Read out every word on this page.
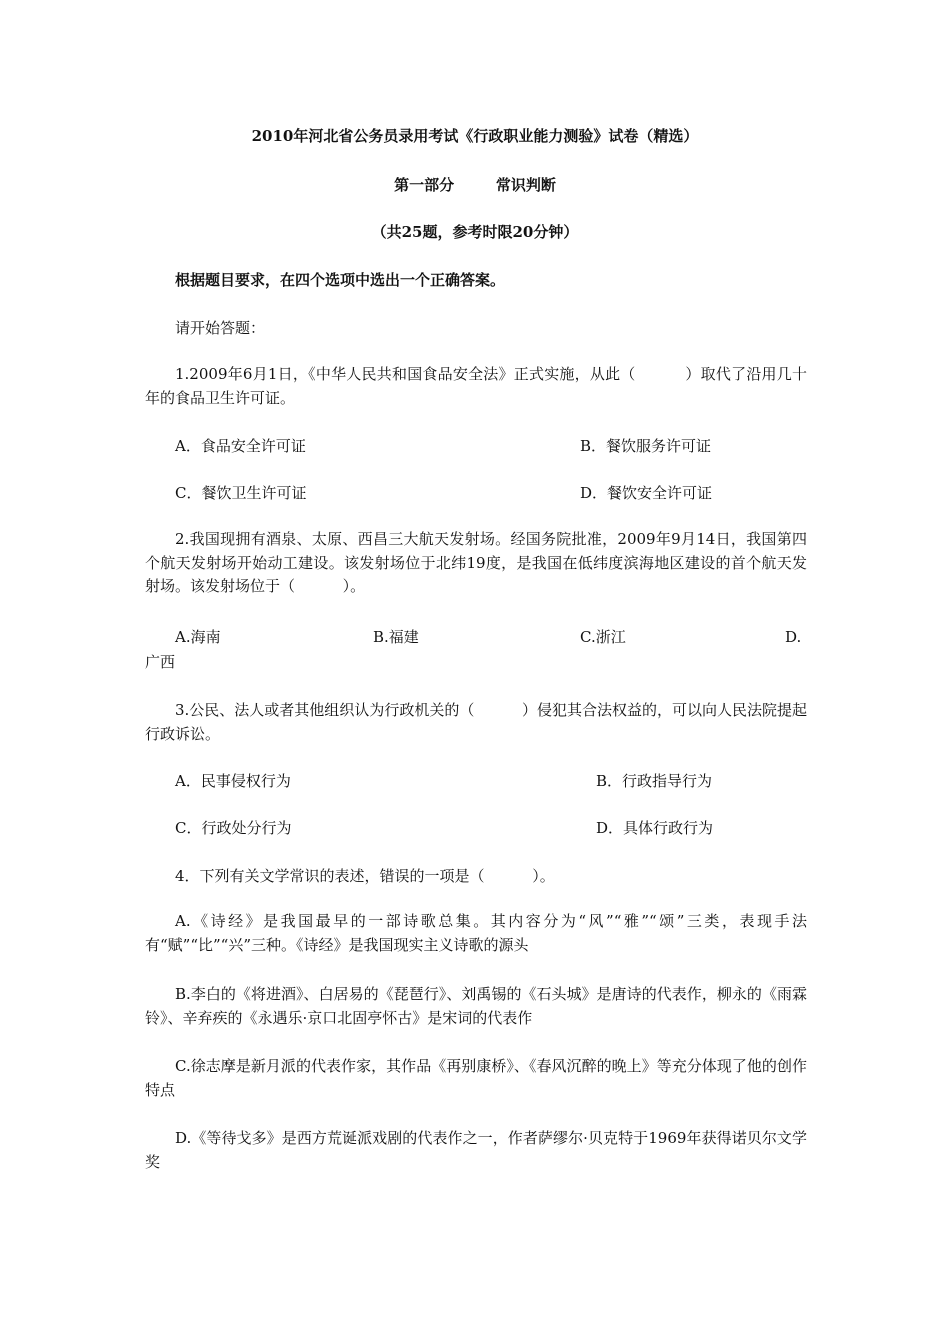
2010年河北省公务员录用考试《行政职业能力测验》试卷（精选）
第一部分        常识判断
（共25题，参考时限20分钟）
根据题目要求，在四个选项中选出一个正确答案。
请开始答题：
1.2009年6月1日，《中华人民共和国食品安全法》正式实施，从此（          ）取代了沿用几十年的食品卫生许可证。
A．食品安全许可证	B．餐饮服务许可证
C．餐饮卫生许可证	D．餐饮安全许可证
2.我国现拥有酒泉、太原、西昌三大航天发射场。经国务院批准，2009年9月14日，我国第四个航天发射场开始动工建设。该发射场位于北纬19度，是我国在低纬度滨海地区建设的首个航天发射场。该发射场位于（          ）。
A.海南	B.福建	C.浙江	D.
广西
3.公民、法人或者其他组织认为行政机关的（          ）侵犯其合法权益的，可以向人民法院提起行政诉讼。
A．民事侵权行为	B．行政指导行为
C．行政处分行为	D．具体行政行为
4．下列有关文学常识的表述，错误的一项是（          ）。
A.《诗经》是我国最早的一部诗歌总集。其内容分为“风”“雅”“颂”三类，表现手法有“赋”“比”“兴”三种。《诗经》是我国现实主义诗歌的源头
B.李白的《将进酒》、白居易的《琵琶行》、刘禹锡的《石头城》是唐诗的代表作，柳永的《雨霖铃》、辛弃疾的《永遇乐·京口北固亭怀古》是宋词的代表作
C.徐志摩是新月派的代表作家，其作品《再别康桥》、《春风沉醉的晚上》等充分体现了他的创作特点
D.《等待戈多》是西方荒诞派戏剧的代表作之一，作者萨缪尔·贝克特于1969年获得诺贝尔文学奖
